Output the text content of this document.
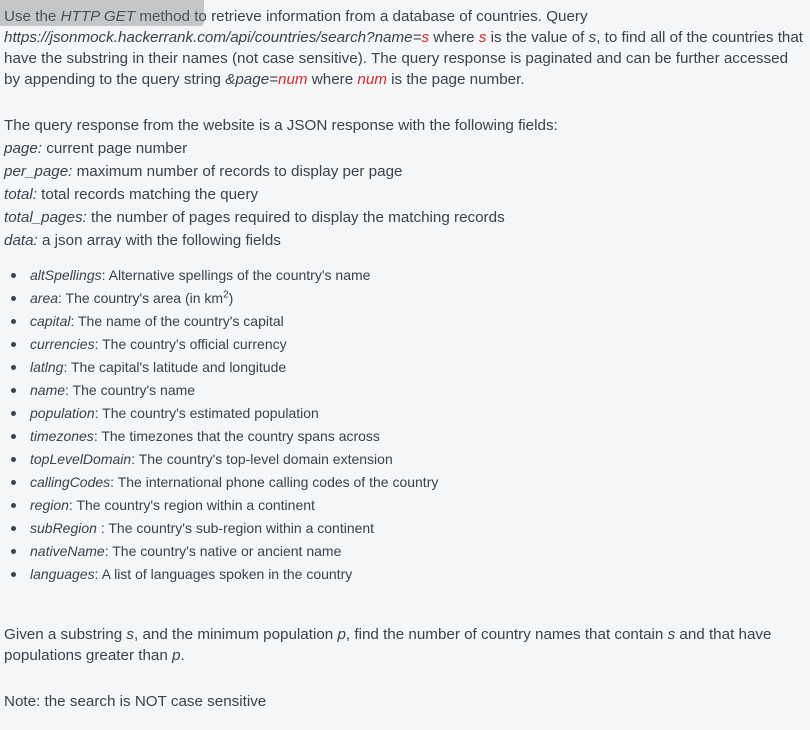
Use the HTTP GET method to retrieve information from a database of countries. Query https://jsonmock.hackerrank.com/api/countries/search?name=s where s is the value of s, to find all of the countries that have the substring in their names (not case sensitive). The query response is paginated and can be further accessed by appending to the query string &page=num where num is the page number.

The query response from the website is a JSON response with the following fields:
page: current page number
per_page: maximum number of records to display per page
total: total records matching the query
total_pages: the number of pages required to display the matching records
data: a json array with the following fields
altSpellings: Alternative spellings of the country's name
area: The country's area (in $km^2$)
capital: The name of the country's capital
currencies: The country's official currency
latlng: The capital's latitude and longitude
name: The country's name
population: The country's estimated population
timezones: The timezones that the country spans across
topLevelDomain: The country's top-level domain extension
callingCodes: The international phone calling codes of the country
region: The country's region within a continent
subRegion : The country's sub-region within a continent
nativeName: The country's native or ancient name
languages: A list of languages spoken in the country

Given a substring s, and the minimum population p, find the number of country names that contain s and that have populations greater than p.

Note: the search is NOT case sensitive
